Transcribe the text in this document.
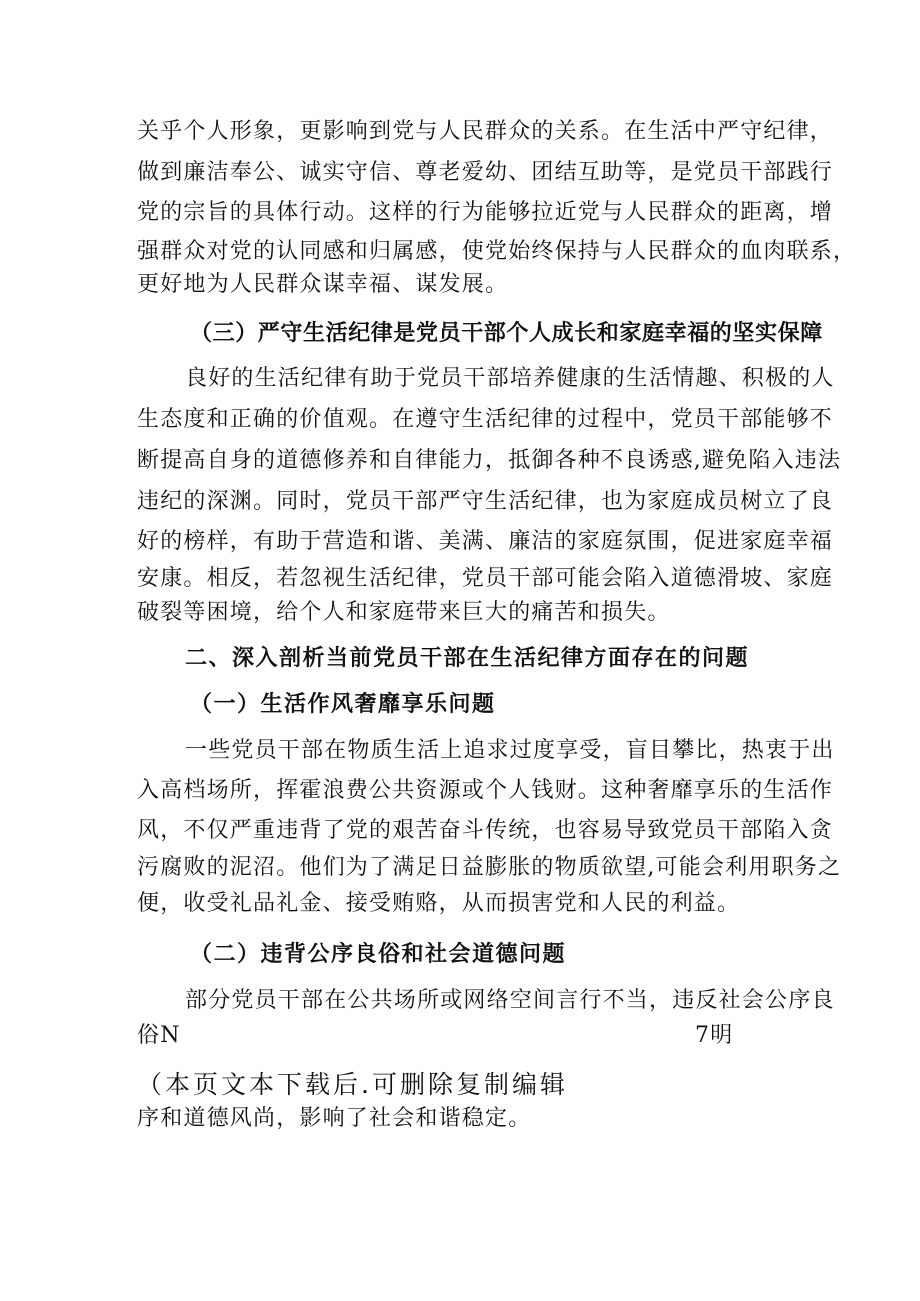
关乎个人形象，更影响到党与人民群众的关系。在生活中严守纪律，
做到廉洁奉公、诚实守信、尊老爱幼、团结互助等，是党员干部践行
党的宗旨的具体行动。这样的行为能够拉近党与人民群众的距离，增
强群众对党的认同感和归属感，使党始终保持与人民群众的血肉联系，
更好地为人民群众谋幸福、谋发展。
（三）严守生活纪律是党员干部个人成长和家庭幸福的坚实保障
良好的生活纪律有助于党员干部培养健康的生活情趣、积极的人
生态度和正确的价值观。在遵守生活纪律的过程中，党员干部能够不
断提高自身的道德修养和自律能力，抵御各种不良诱惑,避免陷入违法
违纪的深渊。同时，党员干部严守生活纪律，也为家庭成员树立了良
好的榜样，有助于营造和谐、美满、廉洁的家庭氛围，促进家庭幸福
安康。相反，若忽视生活纪律，党员干部可能会陷入道德滑坡、家庭
破裂等困境，给个人和家庭带来巨大的痛苦和损失。
二、深入剖析当前党员干部在生活纪律方面存在的问题
（一）生活作风奢靡享乐问题
一些党员干部在物质生活上追求过度享受，盲目攀比，热衷于出
入高档场所，挥霍浪费公共资源或个人钱财。这种奢靡享乐的生活作
风，不仅严重违背了党的艰苦奋斗传统，也容易导致党员干部陷入贪
污腐败的泥沼。他们为了满足日益膨胀的物质欲望,可能会利用职务之
便，收受礼品礼金、接受贿赂，从而损害党和人民的利益。
（二）违背公序良俗和社会道德问题
部分党员干部在公共场所或网络空间言行不当，违反社会公序良
俗N	7明
（本页文本下载后.可删除复制编辑
序和道德风尚，影响了社会和谐稳定。
